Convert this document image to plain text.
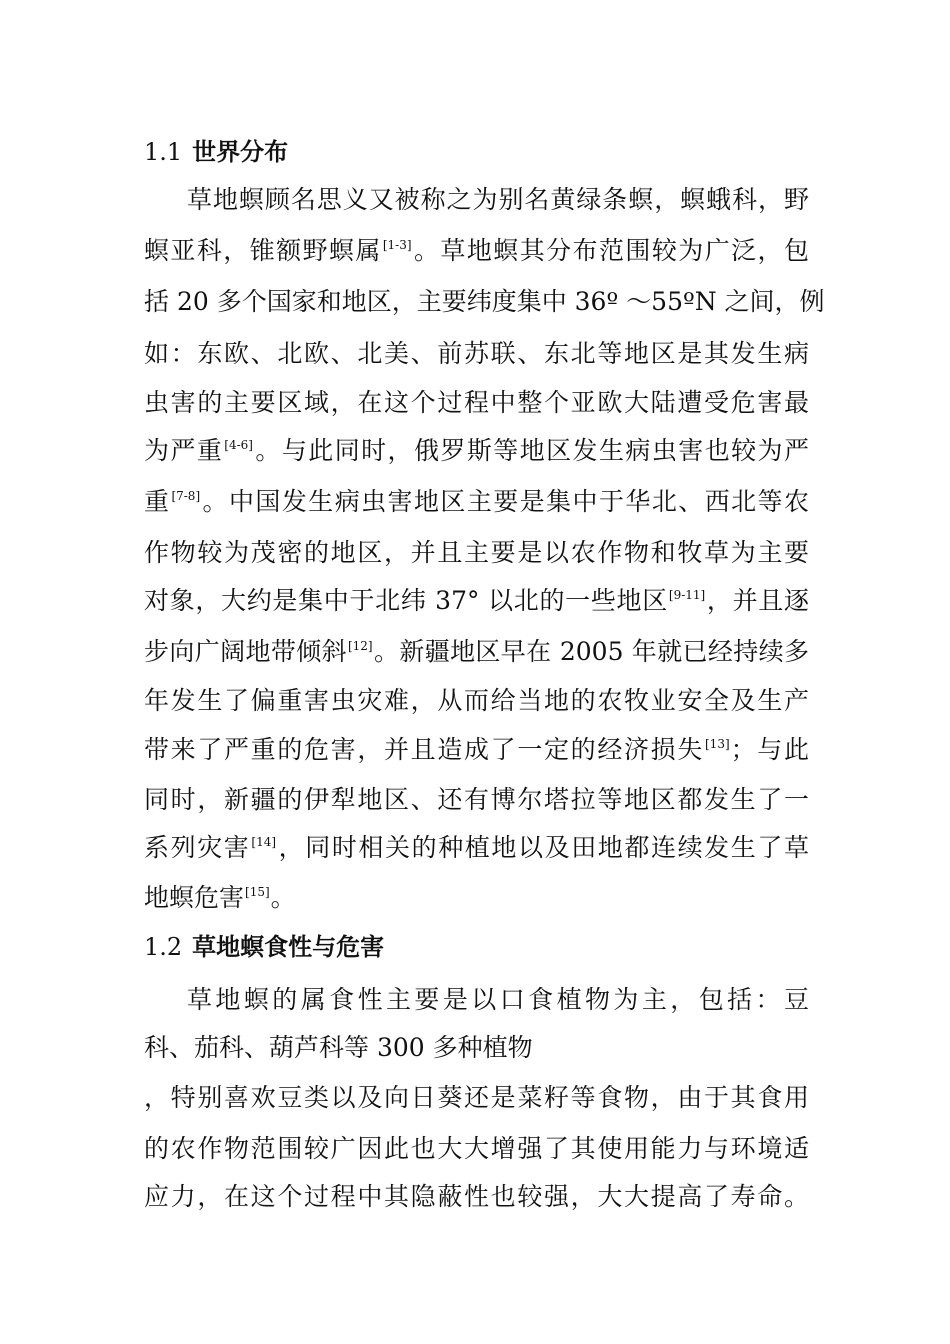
1.1 世界分布
草地螟顾名思义又被称之为别名黄绿条螟，螟蛾科，野
螟亚科，锥额野螟属[1-3]。草地螟其分布范围较为广泛，包
括 20 多个国家和地区，主要纬度集中 36º ～55ºN 之间，例
如：东欧、北欧、北美、前苏联、东北等地区是其发生病
虫害的主要区域，在这个过程中整个亚欧大陆遭受危害最
为严重[4-6]。与此同时，俄罗斯等地区发生病虫害也较为严
重[7-8]。中国发生病虫害地区主要是集中于华北、西北等农
作物较为茂密的地区，并且主要是以农作物和牧草为主要
对象，大约是集中于北纬 37° 以北的一些地区[9-11]，并且逐
步向广阔地带倾斜[12]。新疆地区早在 2005 年就已经持续多
年发生了偏重害虫灾难，从而给当地的农牧业安全及生产
带来了严重的危害，并且造成了一定的经济损失[13]；与此
同时，新疆的伊犁地区、还有博尔塔拉等地区都发生了一
系列灾害[14]，同时相关的种植地以及田地都连续发生了草
地螟危害[15]。
1.2 草地螟食性与危害
草地螟的属食性主要是以口食植物为主，包括：豆
科、茄科、葫芦科等 300 多种植物
，特别喜欢豆类以及向日葵还是菜籽等食物，由于其食用
的农作物范围较广因此也大大增强了其使用能力与环境适
应力，在这个过程中其隐蔽性也较强，大大提高了寿命。
